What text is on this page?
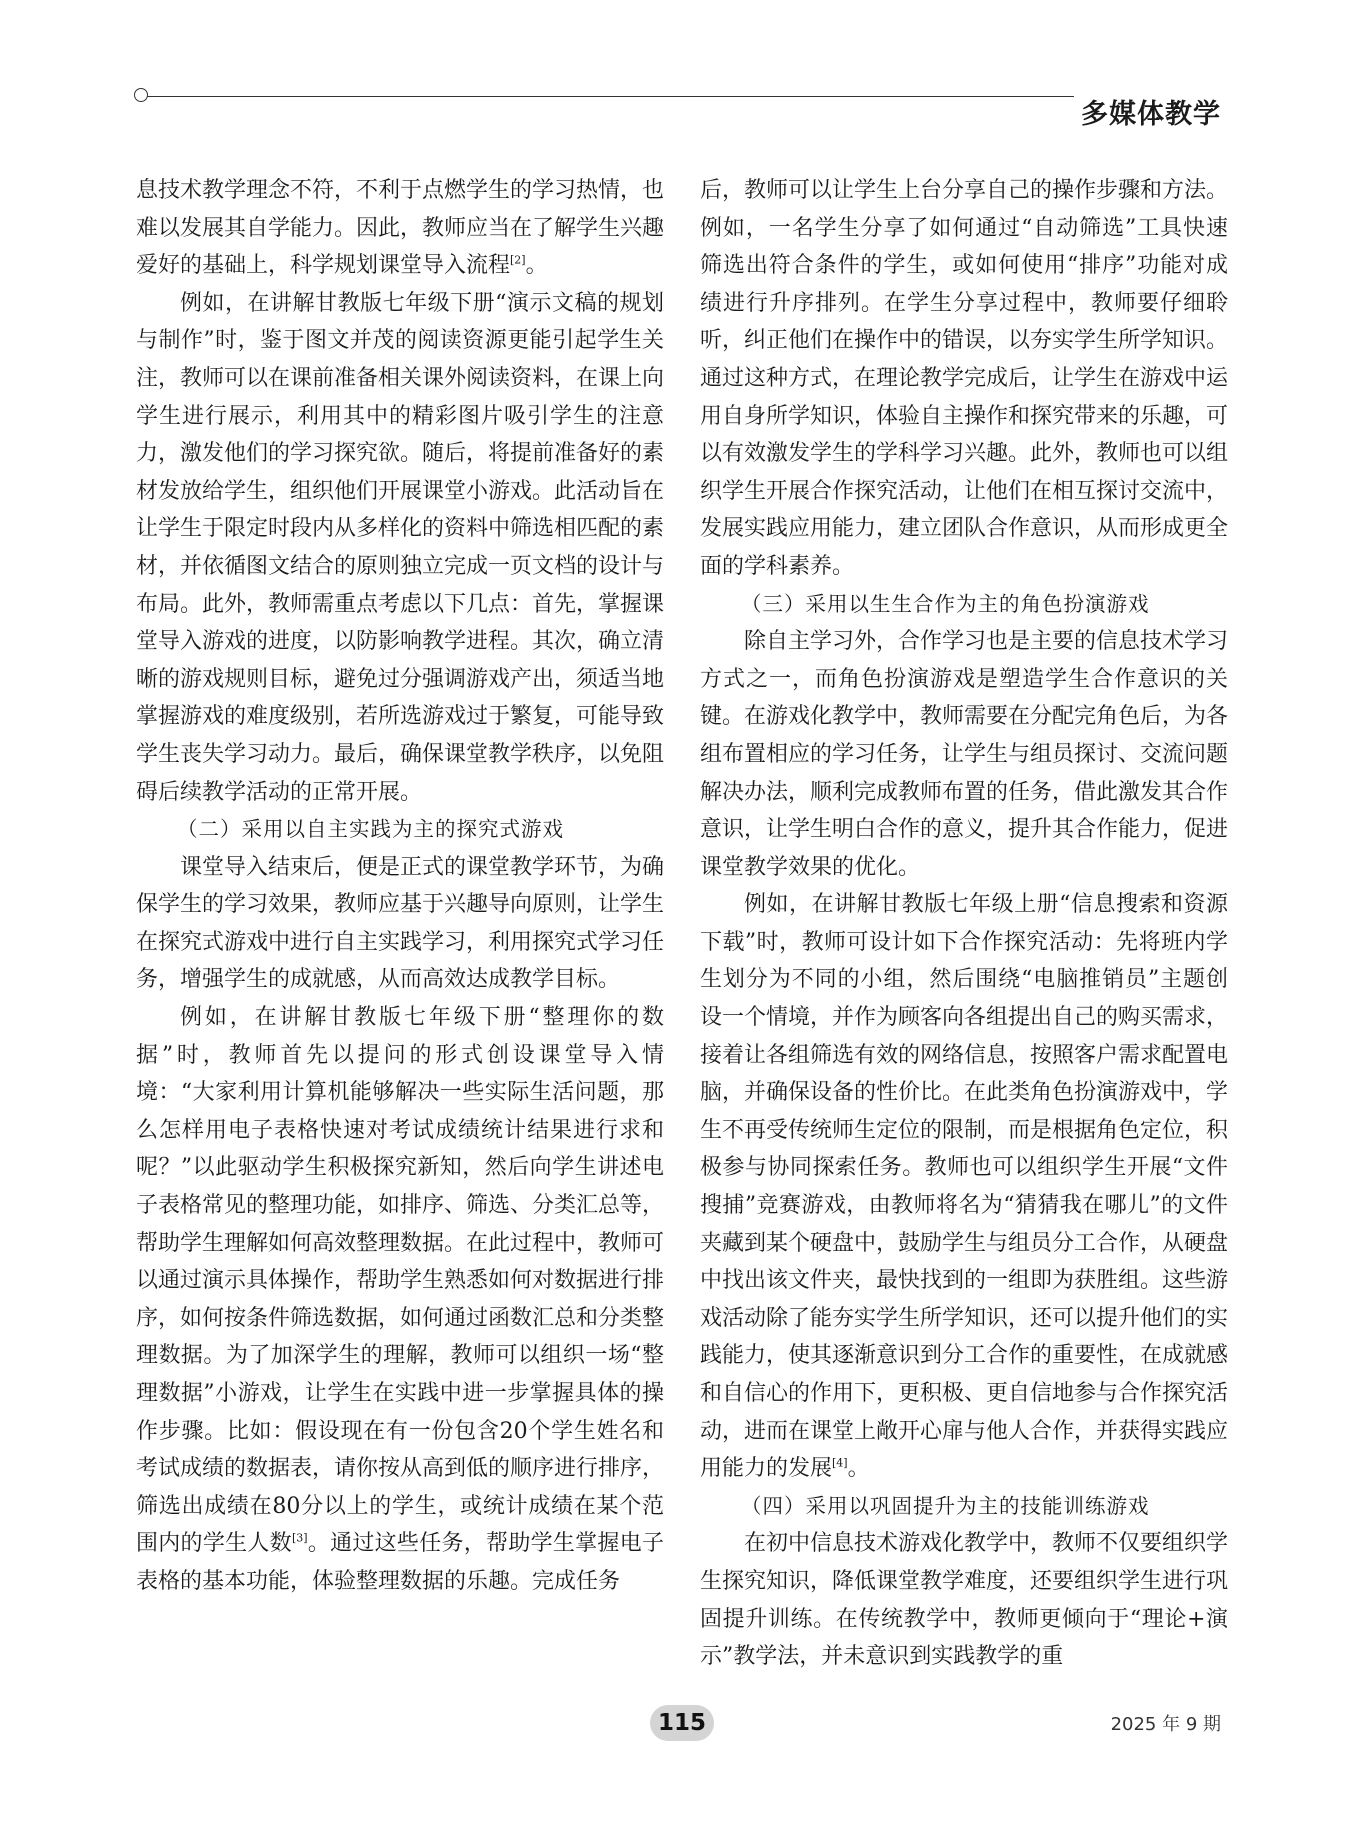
多媒体教学

息技术教学理念不符，不利于点燃学生的学习热情，也难以发展其自学能力。因此，教师应当在了解学生兴趣爱好的基础上，科学规划课堂导入流程[2]。

例如，在讲解甘教版七年级下册“演示文稿的规划与制作”时，鉴于图文并茂的阅读资源更能引起学生关注，教师可以在课前准备相关课外阅读资料，在课上向学生进行展示，利用其中的精彩图片吸引学生的注意力，激发他们的学习探究欲。随后，将提前准备好的素材发放给学生，组织他们开展课堂小游戏。此活动旨在让学生于限定时段内从多样化的资料中筛选相匹配的素材，并依循图文结合的原则独立完成一页文档的设计与布局。此外，教师需重点考虑以下几点：首先，掌握课堂导入游戏的进度，以防影响教学进程。其次，确立清晰的游戏规则目标，避免过分强调游戏产出，须适当地掌握游戏的难度级别，若所选游戏过于繁复，可能导致学生丧失学习动力。最后，确保课堂教学秩序，以免阻碍后续教学活动的正常开展。

（二）采用以自主实践为主的探究式游戏

课堂导入结束后，便是正式的课堂教学环节，为确保学生的学习效果，教师应基于兴趣导向原则，让学生在探究式游戏中进行自主实践学习，利用探究式学习任务，增强学生的成就感，从而高效达成教学目标。

例如，在讲解甘教版七年级下册“整理你的数据”时，教师首先以提问的形式创设课堂导入情境：“大家利用计算机能够解决一些实际生活问题，那么怎样用电子表格快速对考试成绩统计结果进行求和呢？”以此驱动学生积极探究新知，然后向学生讲述电子表格常见的整理功能，如排序、筛选、分类汇总等，帮助学生理解如何高效整理数据。在此过程中，教师可以通过演示具体操作，帮助学生熟悉如何对数据进行排序，如何按条件筛选数据，如何通过函数汇总和分类整理数据。为了加深学生的理解，教师可以组织一场“整理数据”小游戏，让学生在实践中进一步掌握具体的操作步骤。比如：假设现在有一份包含20个学生姓名和考试成绩的数据表，请你按从高到低的顺序进行排序，筛选出成绩在80分以上的学生，或统计成绩在某个范围内的学生人数[3]。通过这些任务，帮助学生掌握电子表格的基本功能，体验整理数据的乐趣。完成任务

后，教师可以让学生上台分享自己的操作步骤和方法。例如，一名学生分享了如何通过“自动筛选”工具快速筛选出符合条件的学生，或如何使用“排序”功能对成绩进行升序排列。在学生分享过程中，教师要仔细聆听，纠正他们在操作中的错误，以夯实学生所学知识。通过这种方式，在理论教学完成后，让学生在游戏中运用自身所学知识，体验自主操作和探究带来的乐趣，可以有效激发学生的学科学习兴趣。此外，教师也可以组织学生开展合作探究活动，让他们在相互探讨交流中，发展实践应用能力，建立团队合作意识，从而形成更全面的学科素养。

（三）采用以生生合作为主的角色扮演游戏

除自主学习外，合作学习也是主要的信息技术学习方式之一，而角色扮演游戏是塑造学生合作意识的关键。在游戏化教学中，教师需要在分配完角色后，为各组布置相应的学习任务，让学生与组员探讨、交流问题解决办法，顺利完成教师布置的任务，借此激发其合作意识，让学生明白合作的意义，提升其合作能力，促进课堂教学效果的优化。

例如，在讲解甘教版七年级上册“信息搜索和资源下载”时，教师可设计如下合作探究活动：先将班内学生划分为不同的小组，然后围绕“电脑推销员”主题创设一个情境，并作为顾客向各组提出自己的购买需求，接着让各组筛选有效的网络信息，按照客户需求配置电脑，并确保设备的性价比。在此类角色扮演游戏中，学生不再受传统师生定位的限制，而是根据角色定位，积极参与协同探索任务。教师也可以组织学生开展“文件搜捕”竞赛游戏，由教师将名为“猜猜我在哪儿”的文件夹藏到某个硬盘中，鼓励学生与组员分工合作，从硬盘中找出该文件夹，最快找到的一组即为获胜组。这些游戏活动除了能夯实学生所学知识，还可以提升他们的实践能力，使其逐渐意识到分工合作的重要性，在成就感和自信心的作用下，更积极、更自信地参与合作探究活动，进而在课堂上敞开心扉与他人合作，并获得实践应用能力的发展[4]。

（四）采用以巩固提升为主的技能训练游戏

在初中信息技术游戏化教学中，教师不仅要组织学生探究知识，降低课堂教学难度，还要组织学生进行巩固提升训练。在传统教学中，教师更倾向于“理论+演示”教学法，并未意识到实践教学的重

115	2025 年 9 期
